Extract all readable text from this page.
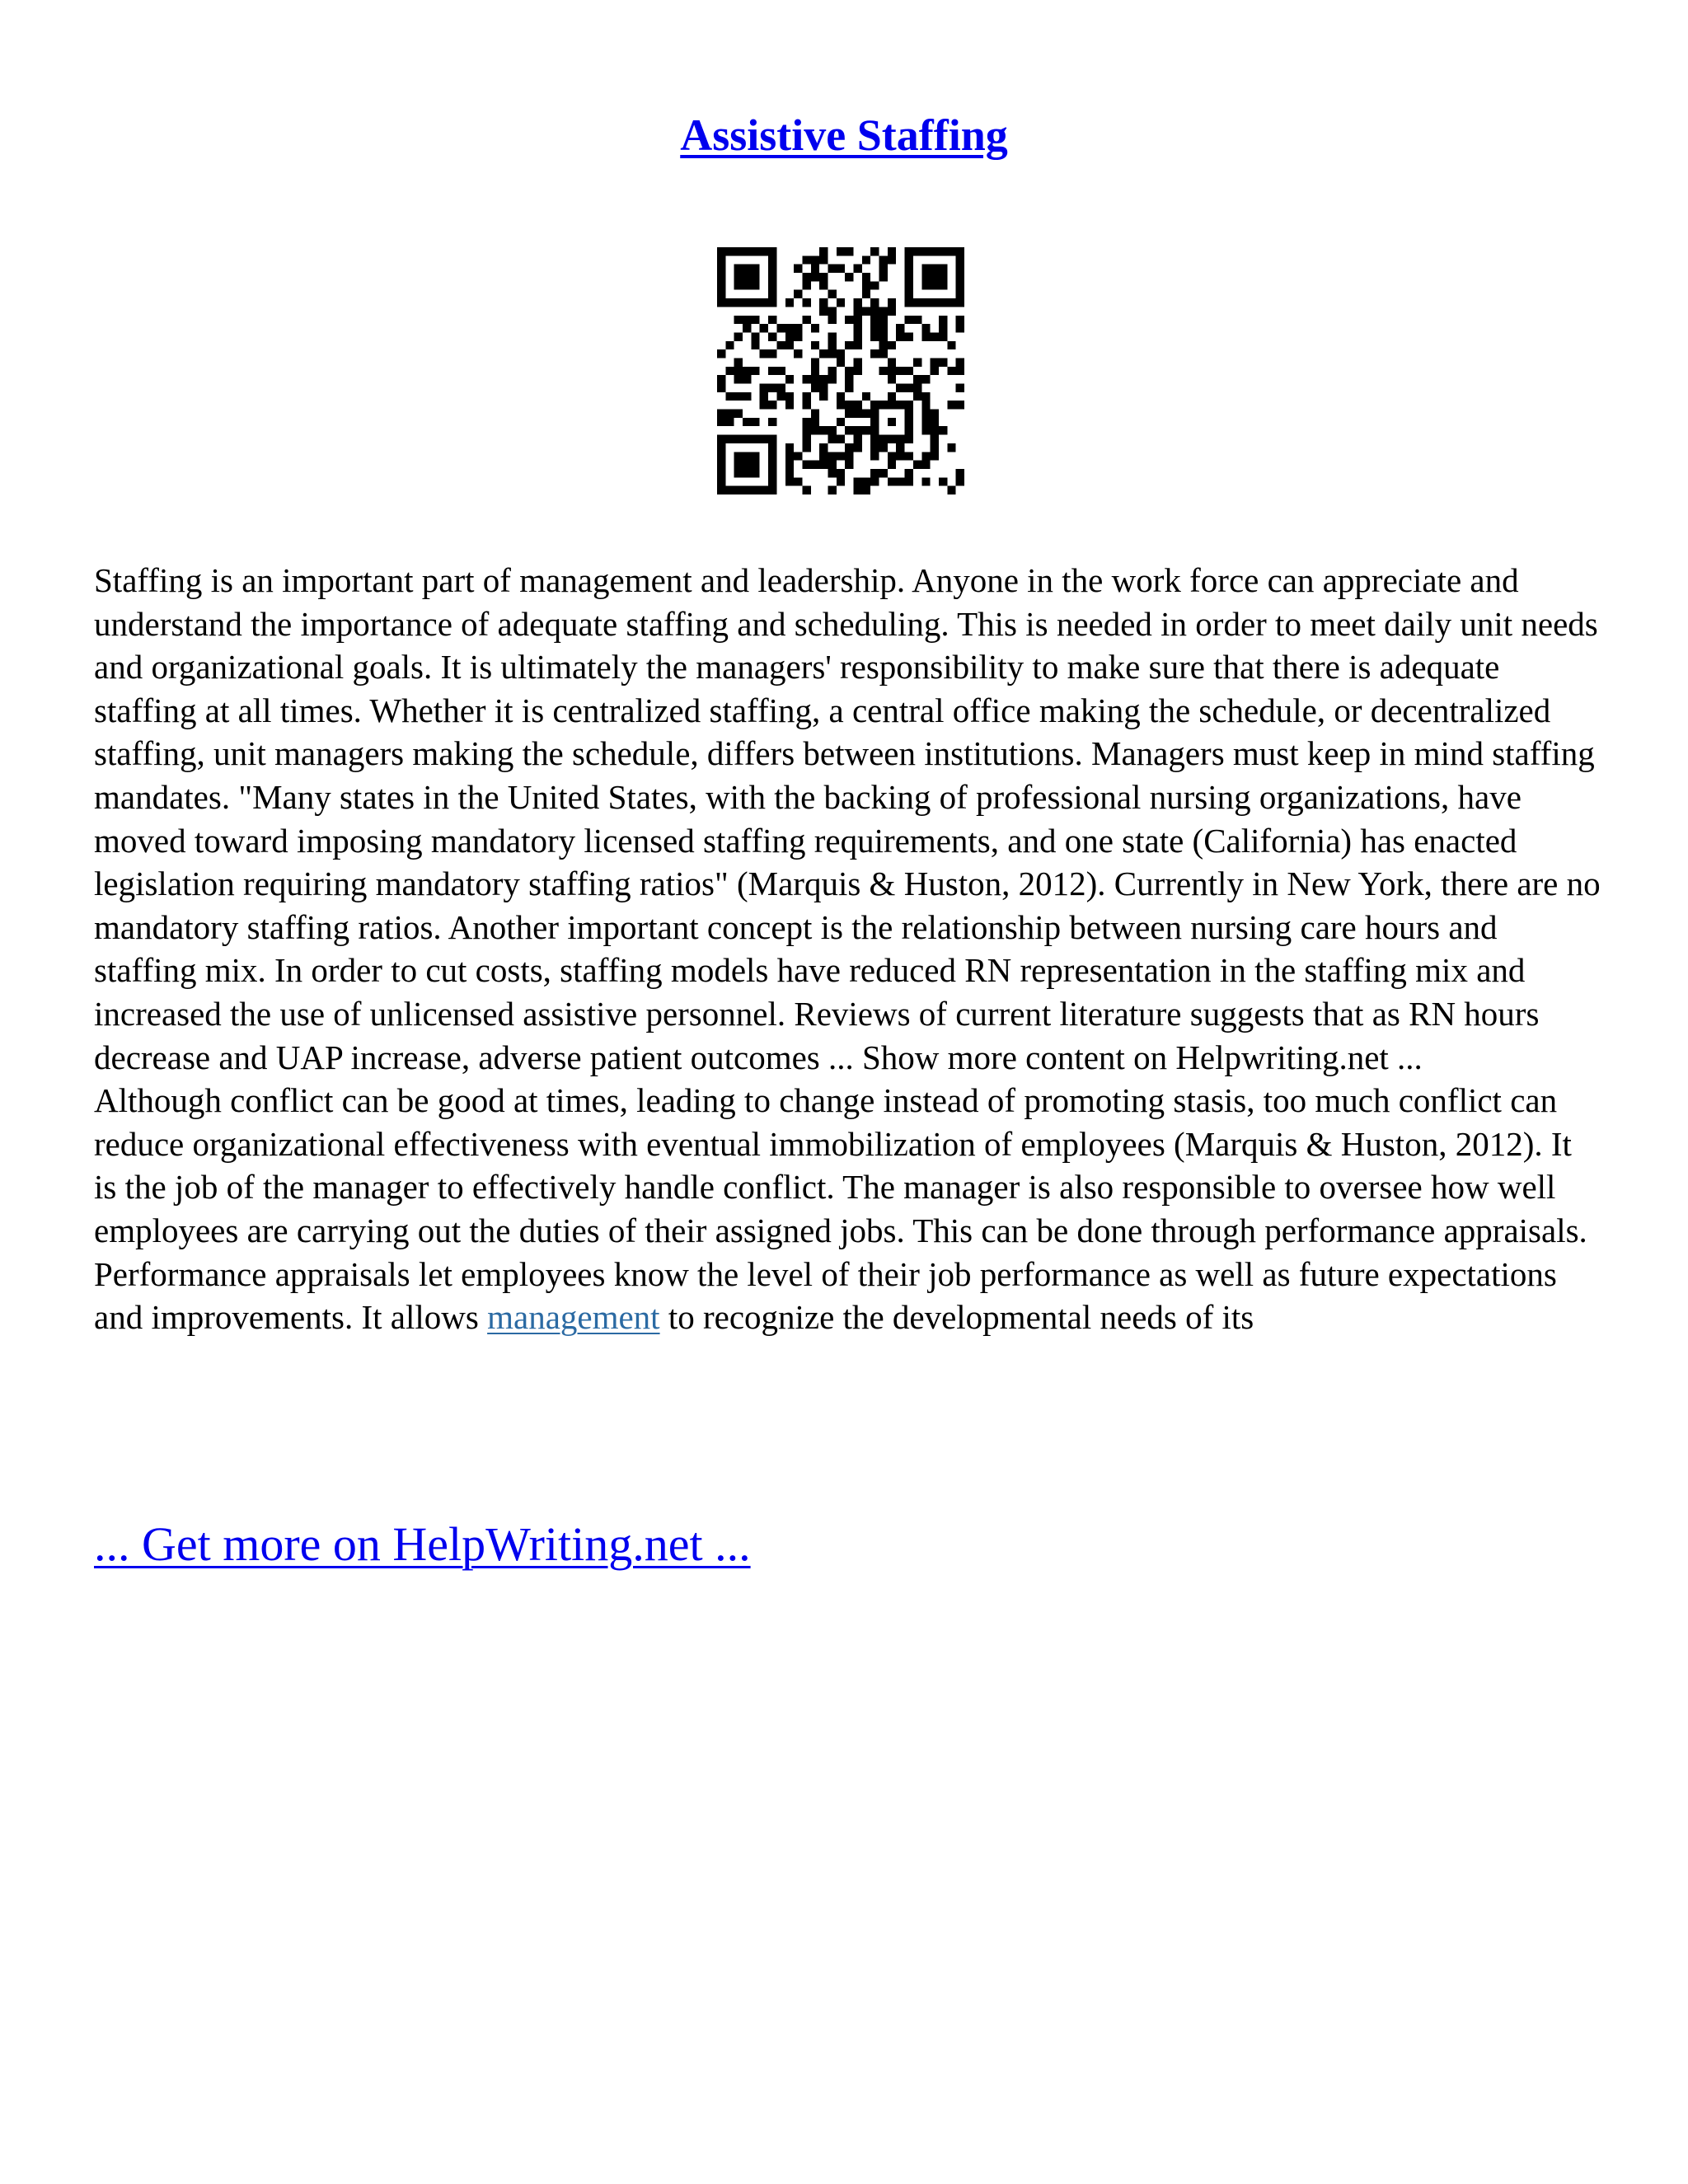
Assistive Staffing

Staffing is an important part of management and leadership. Anyone in the work force can appreciate and understand the importance of adequate staffing and scheduling. This is needed in order to meet daily unit needs and organizational goals. It is ultimately the managers' responsibility to make sure that there is adequate staffing at all times. Whether it is centralized staffing, a central office making the schedule, or decentralized staffing, unit managers making the schedule, differs between institutions. Managers must keep in mind staffing mandates. "Many states in the United States, with the backing of professional nursing organizations, have moved toward imposing mandatory licensed staffing requirements, and one state (California) has enacted legislation requiring mandatory staffing ratios" (Marquis & Huston, 2012). Currently in New York, there are no mandatory staffing ratios. Another important concept is the relationship between nursing care hours and staffing mix. In order to cut costs, staffing models have reduced RN representation in the staffing mix and increased the use of unlicensed assistive personnel. Reviews of current literature suggests that as RN hours decrease and UAP increase, adverse patient outcomes ... Show more content on Helpwriting.net ...

Although conflict can be good at times, leading to change instead of promoting stasis, too much conflict can reduce organizational effectiveness with eventual immobilization of employees (Marquis & Huston, 2012). It is the job of the manager to effectively handle conflict. The manager is also responsible to oversee how well employees are carrying out the duties of their assigned jobs. This can be done through performance appraisals. Performance appraisals let employees know the level of their job performance as well as future expectations and improvements. It allows management to recognize the developmental needs of its

... Get more on HelpWriting.net ...
